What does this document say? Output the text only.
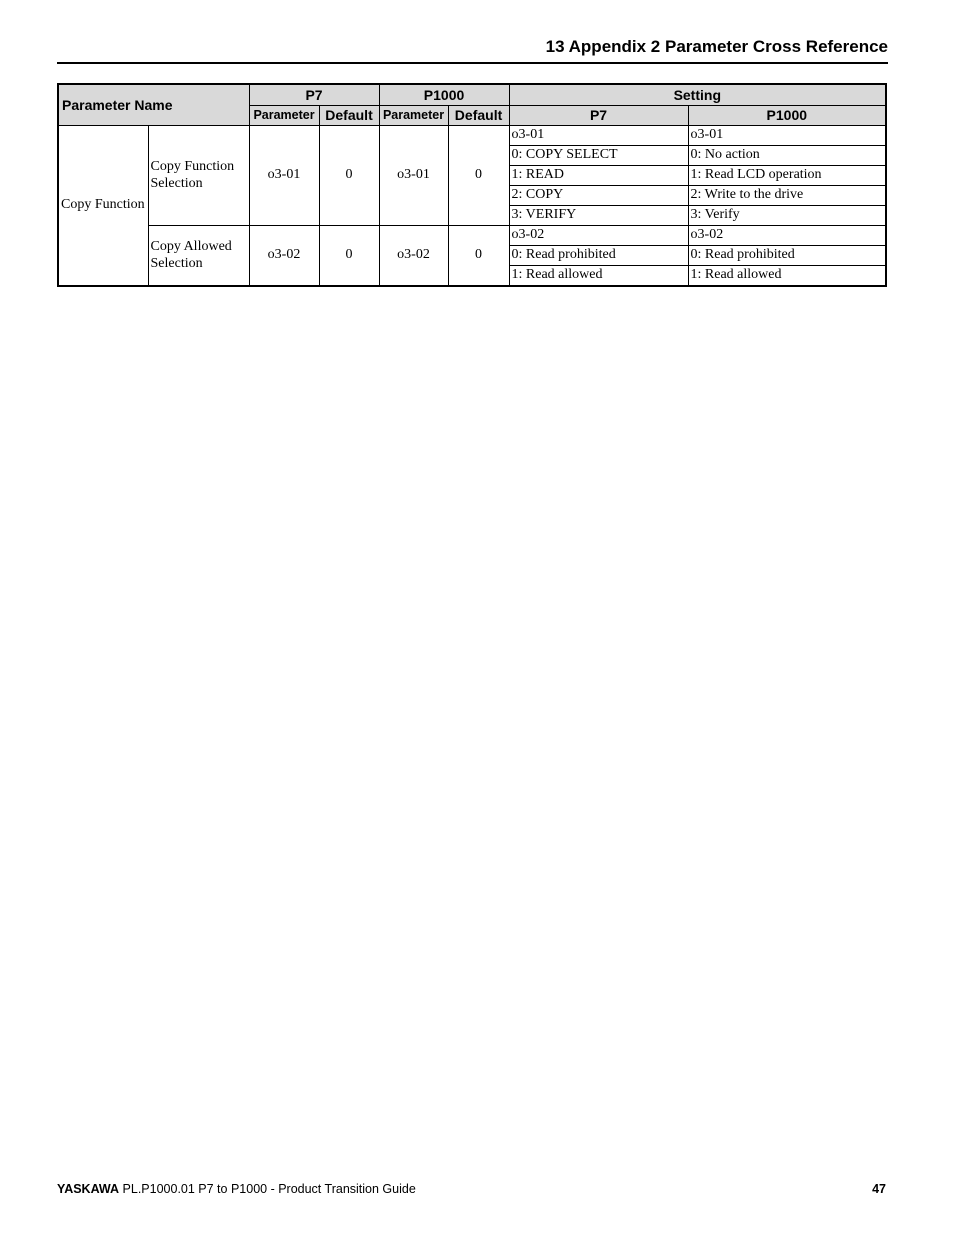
13 Appendix 2 Parameter Cross Reference
Parameter Name		P7		P1000		Setting	
		Parameter	Default	Parameter	Default	P7	P1000
Copy Function	Copy Function Selection	o3-01	0	o3-01	0	o3-01	o3-01
						0: COPY SELECT	0: No action
						1: READ	1: Read LCD operation
						2: COPY	2: Write to the drive
						3: VERIFY	3: Verify
	Copy Allowed Selection	o3-02	0	o3-02	0	o3-02	o3-02
						0: Read prohibited	0: Read prohibited
						1: Read allowed	1: Read allowed
YASKAWA PL.P1000.01 P7 to P1000 - Product Transition Guide	47
